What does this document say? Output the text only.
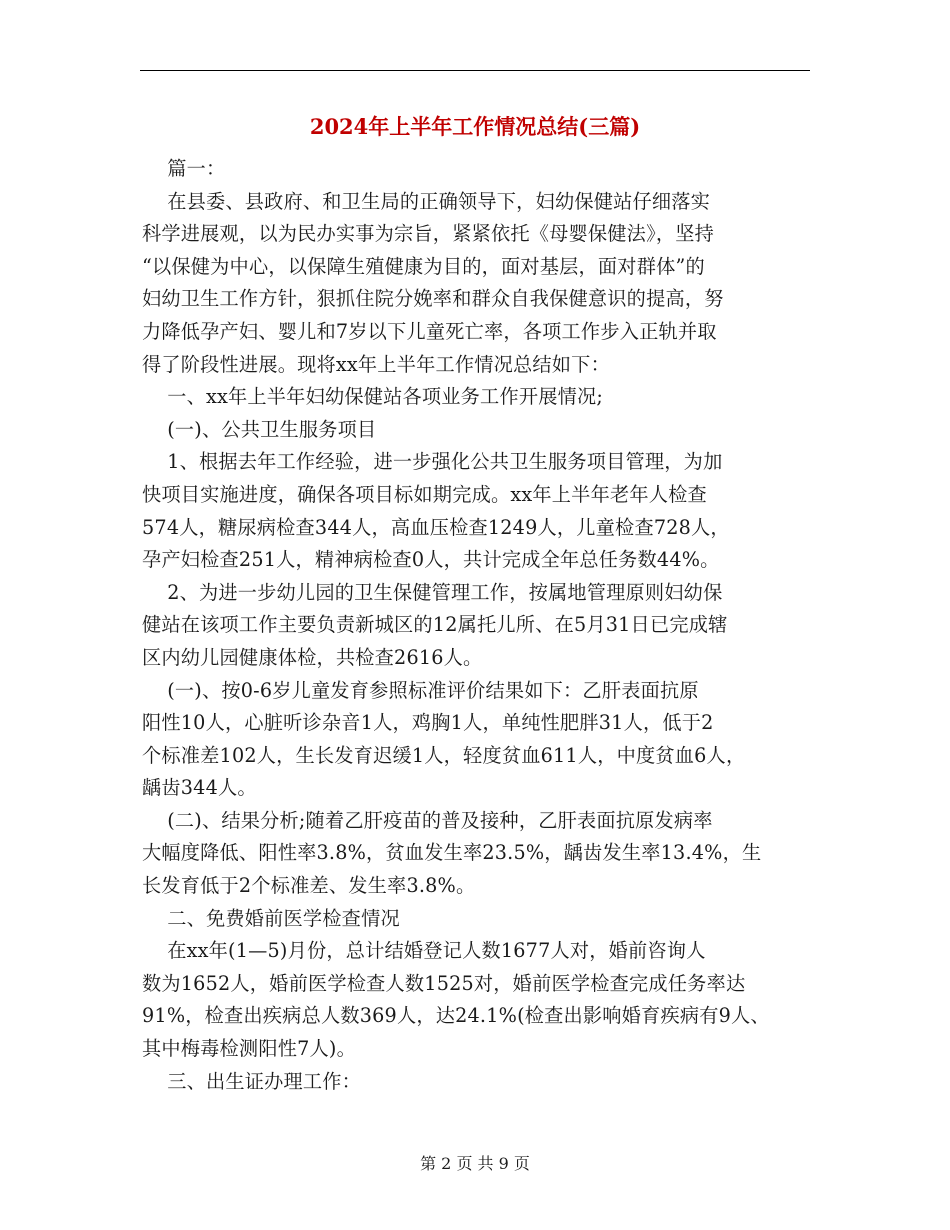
2024年上半年工作情况总结(三篇)

篇一：

在县委、县政府、和卫生局的正确领导下，妇幼保健站仔细落实

科学进展观，以为民办实事为宗旨，紧紧依托《母婴保健法》，坚持

“以保健为中心，以保障生殖健康为目的，面对基层，面对群体”的

妇幼卫生工作方针，狠抓住院分娩率和群众自我保健意识的提高，努

力降低孕产妇、婴儿和7岁以下儿童死亡率，各项工作步入正轨并取

得了阶段性进展。现将xx年上半年工作情况总结如下：

一、xx年上半年妇幼保健站各项业务工作开展情况;

(一)、公共卫生服务项目

1、根据去年工作经验，进一步强化公共卫生服务项目管理，为加

快项目实施进度，确保各项目标如期完成。xx年上半年老年人检查

574人，糖尿病检查344人，高血压检查1249人，儿童检查728人，

孕产妇检查251人，精神病检查0人，共计完成全年总任务数44%。

2、为进一步幼儿园的卫生保健管理工作，按属地管理原则妇幼保

健站在该项工作主要负责新城区的12属托儿所、在5月31日已完成辖

区内幼儿园健康体检，共检查2616人。

(一)、按0-6岁儿童发育参照标准评价结果如下：乙肝表面抗原

阳性10人，心脏听诊杂音1人，鸡胸1人，单纯性肥胖31人，低于2

个标准差102人，生长发育迟缓1人，轻度贫血611人，中度贫血6人，

龋齿344人。

(二)、结果分析;随着乙肝疫苗的普及接种，乙肝表面抗原发病率

大幅度降低、阳性率3.8%，贫血发生率23.5%，龋齿发生率13.4%，生

长发育低于2个标准差、发生率3.8%。

二、免费婚前医学检查情况

在xx年(1—5)月份，总计结婚登记人数1677人对，婚前咨询人

数为1652人，婚前医学检查人数1525对，婚前医学检查完成任务率达

91%，检查出疾病总人数369人，达24.1%(检查出影响婚育疾病有9人、

其中梅毒检测阳性7人)。

三、出生证办理工作：

第 2 页 共 9 页
